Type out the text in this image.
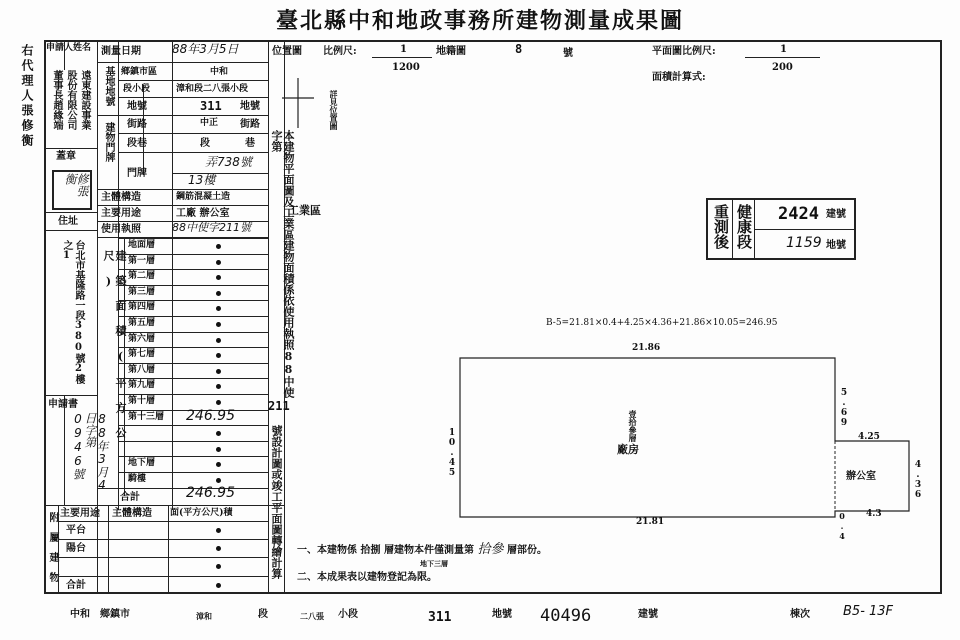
臺北縣中和地政事務所建物測量成果圖
右代理人張修衡 申請人姓名
遠東建設事業
股份有限公司
董事長趙緣端
蓋章
修張衡
住址
台北市基隆路一段380號2樓之1
申請書
88年3月4日字第0946號
測量日期	88年3月5日
基地地號 鄉鎮市區	中和
段小段	漳和段二八張小段
地號	311 地號
建物門牌 街路	中正 街路
段巷	段	巷
門牌
弄738號
13樓
主體構造	鋼筋混凝土造
主要用途	工廠 辦公室
使用執照	88中使字211號
建築面積(平方公尺)
地面層
第一層
第二層
第三層
第四層
第五層
第六層
第七層
第八層
第九層
第十層
第十三層 246.95
地下層
騎樓
合計	246.95
附屬建物 主要用途 主體構造 面(平方公尺)積
平台
陽台
合計
本建物平面圖及工業區建物面積係依使用執照88中使字第
211
號設計圖或竣工平面圖轉繪計算
工業區
位置圖 比例尺:	1
1200
地籍圖	8	號	平面圖比例尺:	1
200
面積計算式:
詳見位置圖
重測後 健康段 2424 建號
1159 地號
B-5=21.81×0.4+4.25×4.36+21.86×10.05=246.95
21.86
10.45
5.69
21.81	0.4
4.25
4.36
4.3
壹拾參層
廠房
辦公室
一、本建物係 拾捌 層建物本件僅測量第 拾參 層部份。
地下三層
二、本成果表以建物登記為限。
中和 鄉鎮市	漳和	段	二八張 小段	311	地號 40496	建號	棟次	B5- 13F
